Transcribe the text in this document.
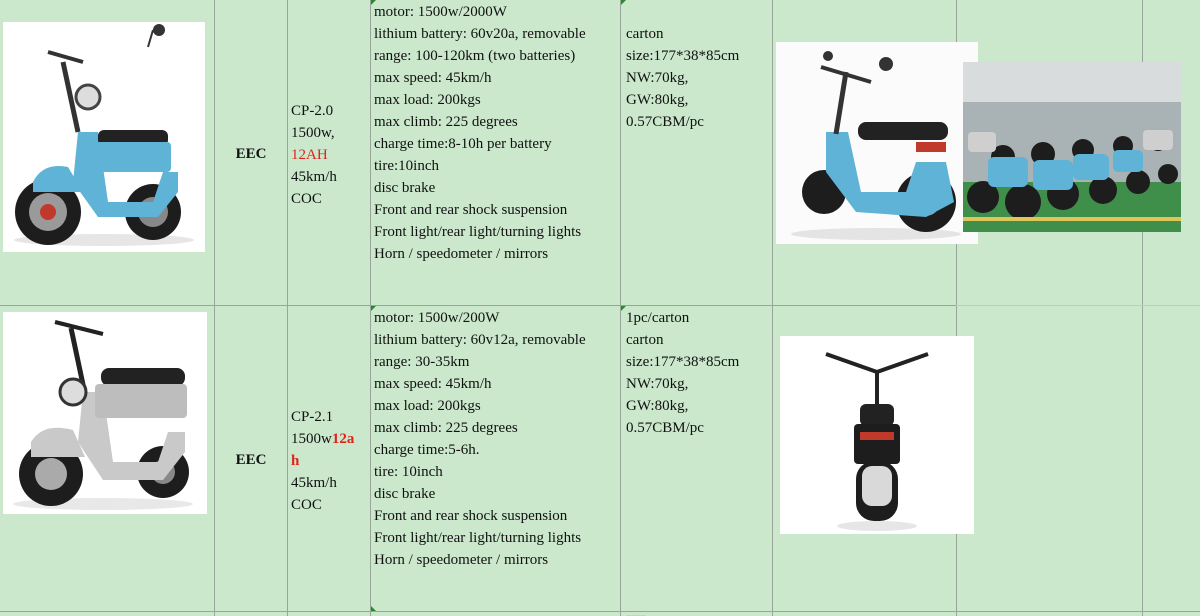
EEC
CP-2.0
1500w,
12AH
45km/h
COC
motor: 1500w/2000W
lithium battery: 60v20a, removable
range: 100-120km (two batteries)
max speed: 45km/h
max load: 200kgs
max climb: 225 degrees
charge time:8-10h per battery
tire:10inch
disc brake
Front and rear shock suspension
Front light/rear light/turning lights
Horn / speedometer / mirrors
carton
size:177*38*85cm
NW:70kg,
GW:80kg,
0.57CBM/pc
EEC
CP-2.1
1500w12a
h
45km/h
COC
motor: 1500w/200W
lithium battery: 60v12a, removable
range: 30-35km
max speed: 45km/h
max load: 200kgs
max climb: 225 degrees
charge time:5-6h.
tire: 10inch
disc brake
Front and rear shock suspension
Front light/rear light/turning lights
Horn / speedometer / mirrors
1pc/carton
carton
size:177*38*85cm
NW:70kg,
GW:80kg,
0.57CBM/pc
...........
